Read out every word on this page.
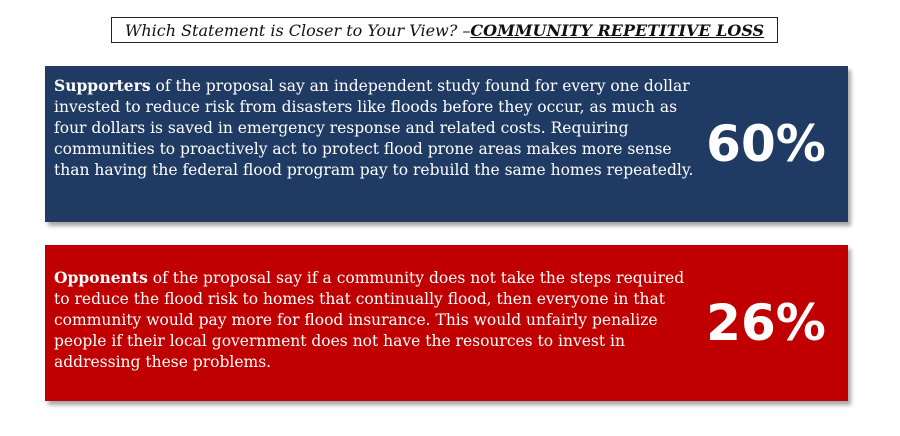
Which Statement is Closer to Your View? – COMMUNITY REPETITIVE LOSS
Supporters of the proposal say an independent study found for every one dollar invested to reduce risk from disasters like floods before they occur, as much as four dollars is saved in emergency response and related costs. Requiring communities to proactively act to protect flood prone areas makes more sense than having the federal flood program pay to rebuild the same homes repeatedly. 60%
Opponents of the proposal say if a community does not take the steps required to reduce the flood risk to homes that continually flood, then everyone in that community would pay more for flood insurance. This would unfairly penalize people if their local government does not have the resources to invest in addressing these problems.
26%
